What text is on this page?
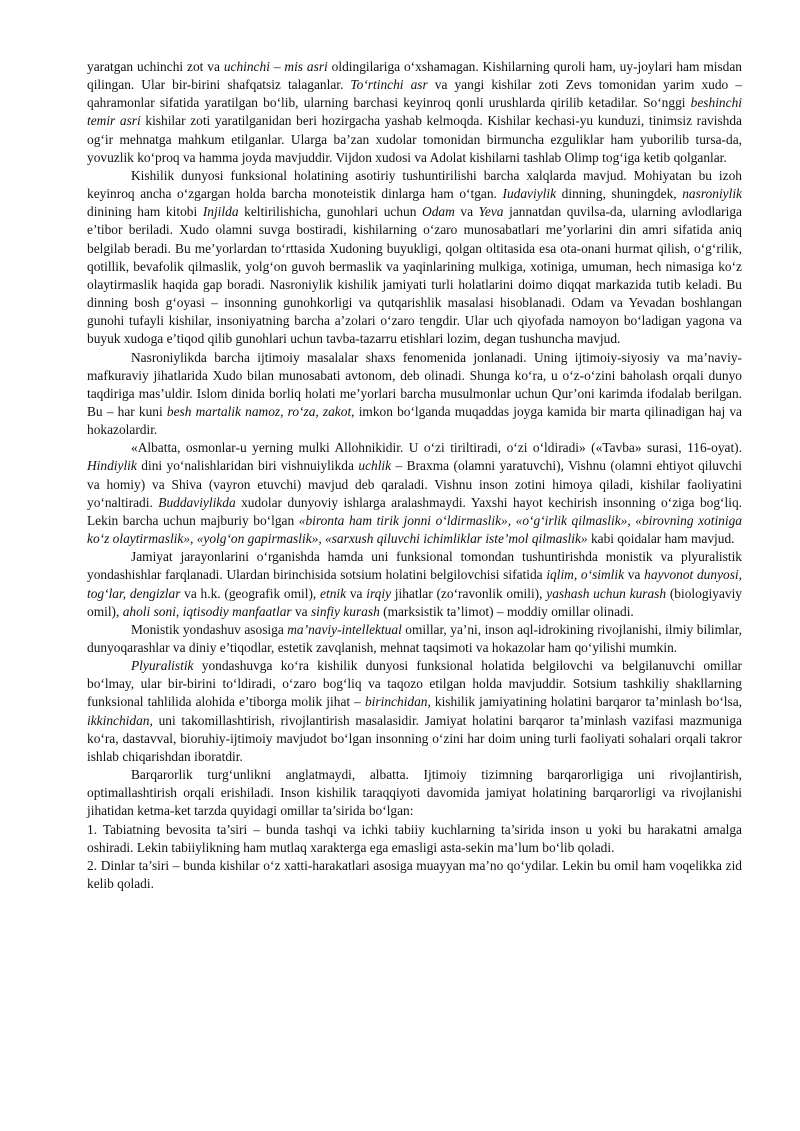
yaratgan uchinchi zot va uchinchi – mis asri oldingilariga o‘xshamagan. Kishilarning quroli ham, uy-joylari ham misdan qilingan. Ular bir-birini shafqatsiz talaganlar. To‘rtinchi asr va yangi kishilar zoti Zevs tomonidan yarim xudo – qahramonlar sifatida yaratilgan bo‘lib, ularning barchasi keyinroq qonli urushlarda qirilib ketadilar. So‘nggi beshinchi temir asri kishilar zoti yaratilganidan beri hozirgacha yashab kelmoqda. Kishilar kechasi-yu kunduzi, tinimsiz ravishda og‘ir mehnatga mahkum etilganlar. Ularga ba’zan xudolar tomonidan birmuncha ezguliklar ham yuborilib tursa-da, yovuzlik ko‘proq va hamma joyda mavjuddir. Vijdon xudosi va Adolat kishilarni tashlab Olimp tog‘iga ketib qolganlar.

Kishilik dunyosi funksional holatining asotiriy tushuntirilishi barcha xalqlarda mavjud. Mohiyatan bu izoh keyinroq ancha o‘zgargan holda barcha monoteistik dinlarga ham o‘tgan. Iudaviylik dinning, shuningdek, nasroniylik dinining ham kitobi Injilda keltirilishicha, gunohlari uchun Odam va Yeva jannatdan quvilsa-da, ularning avlodlariga e’tibor beriladi. Xudo olamni suvga bostiradi, kishilarning o‘zaro munosabatlari me’yorlarini din amri sifatida aniq belgilab beradi. Bu me’yorlardan to‘rttasida Xudoning buyukligi, qolgan oltitasida esa ota-onani hurmat qilish, o‘g‘rilik, qotillik, bevafolik qilmaslik, yolg‘on guvoh bermaslik va yaqinlarining mulkiga, xotiniga, umuman, hech nimasiga ko‘z olaytirmaslik haqida gap boradi. Nasroniylik kishilik jamiyati turli holatlarini doimo diqqat markazida tutib keladi. Bu dinning bosh g‘oyasi – insonning gunohkorligi va qutqarishlik masalasi hisoblanadi. Odam va Yevadan boshlangan gunohi tufayli kishilar, insoniyatning barcha a’zolari o‘zaro tengdir. Ular uch qiyofada namoyon bo‘ladigan yagona va buyuk xudoga e’tiqod qilib gunohlari uchun tavba-tazarru etishlari lozim, degan tushuncha mavjud.

Nasroniylikda barcha ijtimoiy masalalar shaxs fenomenida jonlanadi. Uning ijtimoiy-siyosiy va ma’naviy-mafkuraviy jihatlarida Xudo bilan munosabati avtonom, deb olinadi. Shunga ko‘ra, u o‘z-o‘zini baholash orqali dunyo taqdiriga mas’uldir. Islom dinida borliq holati me’yorlari barcha musulmonlar uchun Qur’oni karimda ifodalab berilgan. Bu – har kuni besh martalik namoz, ro‘za, zakot, imkon bo‘lganda muqaddas joyga kamida bir marta qilinadigan haj va hokazolardir.

«Albatta, osmonlar-u yerning mulki Allohnikidir. U o‘zi tiriltiradi, o‘zi o‘ldiradi» («Tavba» surasi, 116-oyat). Hindiylik dini yo‘nalishlaridan biri vishnuiylikda uchlik – Braxma (olamni yaratuvchi), Vishnu (olamni ehtiyot qiluvchi va homiy) va Shiva (vayron etuvchi) mavjud deb qaraladi. Vishnu inson zotini himoya qiladi, kishilar faoliyatini yo‘naltiradi. Buddaviylikda xudolar dunyoviy ishlarga aralashmaydi. Yaxshi hayot kechirish insonning o‘ziga bog‘liq. Lekin barcha uchun majburiy bo‘lgan «bironta ham tirik jonni o‘ldirmaslik», «o‘g‘irlik qilmaslik», «birovning xotiniga ko‘z olaytirmaslik», «yolg‘on gapirmaslik», «sarxush qiluvchi ichimliklar iste’mol qilmaslik» kabi qoidalar ham mavjud.

Jamiyat jarayonlarini o‘rganishda hamda uni funksional tomondan tushuntirishda monistik va plyuralistik yondashishlar farqlanadi. Ulardan birinchisida sotsium holatini belgilovchisi sifatida iqlim, o‘simlik va hayvonot dunyosi, tog‘lar, dengizlar va h.k. (geografik omil), etnik va irqiy jihatlar (zo‘ravonlik omili), yashash uchun kurash (biologiyaviy omil), aholi soni, iqtisodiy manfaatlar va sinfiy kurash (marksistik ta’limot) – moddiy omillar olinadi.

Monistik yondashuv asosiga ma’naviy-intellektual omillar, ya’ni, inson aql-idrokining rivojlanishi, ilmiy bilimlar, dunyoqarashlar va diniy e’tiqodlar, estetik zavqlanish, mehnat taqsimoti va hokazolar ham qo‘yilishi mumkin.

Plyuralistik yondashuvga ko‘ra kishilik dunyosi funksional holatida belgilovchi va belgilanuvchi omillar bo‘lmay, ular bir-birini to‘ldiradi, o‘zaro bog‘liq va taqozo etilgan holda mavjuddir. Sotsium tashkiliy shakllarning funksional tahlilida alohida e’tiborga molik jihat – birinchidan, kishilik jamiyatining holatini barqaror ta’minlash bo‘lsa, ikkinchidan, uni takomillashtirish, rivojlantirish masalasidir. Jamiyat holatini barqaror ta’minlash vazifasi mazmuniga ko‘ra, dastavval, bioruhiy-ijtimoiy mavjudot bo‘lgan insonning o‘zini har doim uning turli faoliyati sohalari orqali takror ishlab chiqarishdan iboratdir.

Barqarorlik turg‘unlikni anglatmaydi, albatta. Ijtimoiy tizimning barqarorligiga uni rivojlantirish, optimallashtirish orqali erishiladi. Inson kishilik taraqqiyoti davomida jamiyat holatining barqarorligi va rivojlanishi jihatidan ketma-ket tarzda quyidagi omillar ta’sirida bo‘lgan:

1. Tabiatning bevosita ta’siri – bunda tashqi va ichki tabiiy kuchlarning ta’sirida inson u yoki bu harakatni amalga oshiradi. Lekin tabiiylikning ham mutlaq xarakterga ega emasligi asta-sekin ma’lum bo‘lib qoladi.

2. Dinlar ta’siri – bunda kishilar o‘z xatti-harakatlari asosiga muayyan ma’no qo‘ydilar. Lekin bu omil ham voqelikka zid kelib qoladi.
